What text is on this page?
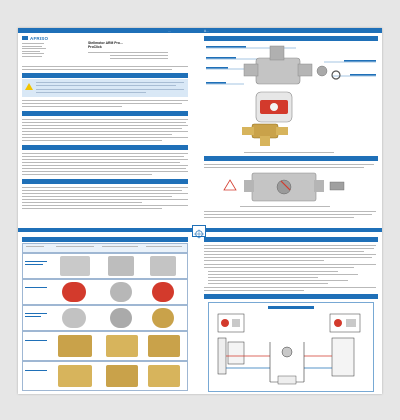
…	Ü…
AFRISO
Stellmotor ARM Pro…
ProClick
